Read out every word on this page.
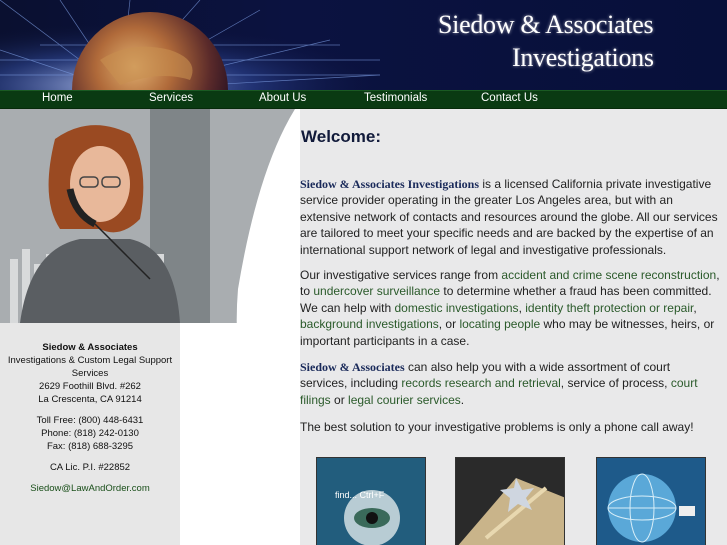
Siedow & Associates
Investigations
Home	Services	About Us	Testimonials	Contact Us
Siedow & Associates
Investigations & Custom Legal Support Services
2629 Foothill Blvd. #262
La Crescenta, CA 91214
Toll Free: (800) 448-6431
Phone: (818) 242-0130
Fax: (818) 688-3295
CA Lic. P.I. #22852
Siedow@LawAndOrder.com
Welcome:

Siedow & Associates Investigations is a licensed California private investigative service provider operating in the greater Los Angeles area, but with an extensive network of contacts and resources around the globe. All our services are tailored to meet your specific needs and are backed by the expertise of an international support network of legal and investigative professionals.

Our investigative services range from accident and crime scene reconstruction, to undercover surveillance to determine whether a fraud has been committed. We can help with domestic investigations, identity theft protection or repair, background investigations, or locating people who may be witnesses, heirs, or important participants in a case.

Siedow & Associates can also help you with a wide assortment of court services, including records research and retrieval, service of process, court filings or legal courier services.

The best solution to your investigative problems is only a phone call away!

find... Ctrl+F
